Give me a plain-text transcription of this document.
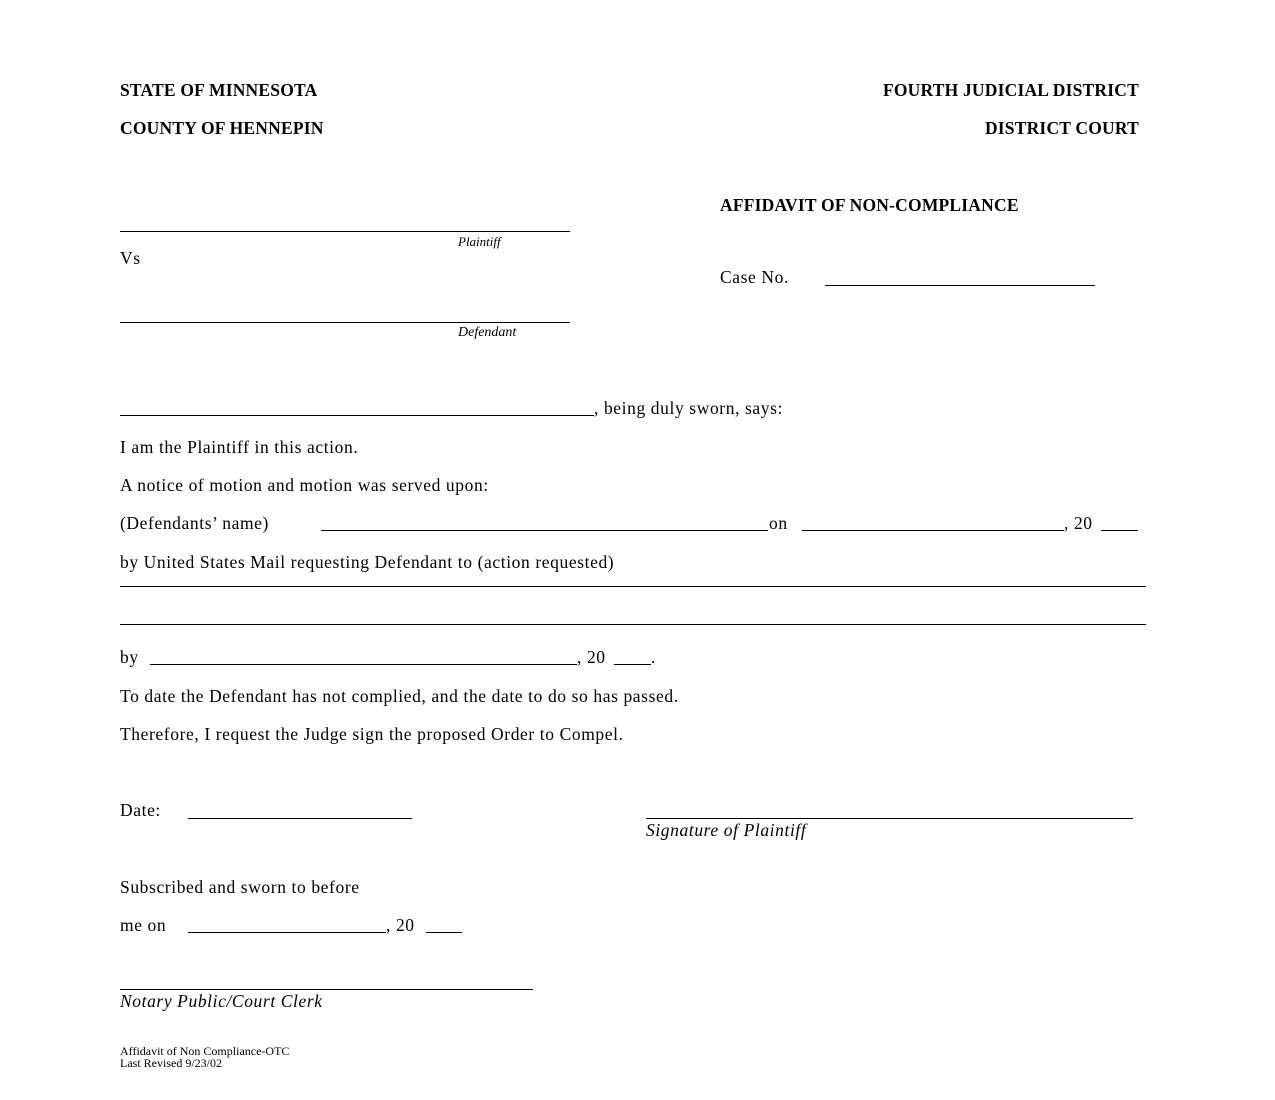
STATE OF MINNESOTA
COUNTY OF HENNEPIN
FOURTH JUDICIAL DISTRICT
DISTRICT COURT
Plaintiff
Vs
Defendant
AFFIDAVIT OF NON-COMPLIANCE
Case No.
, being duly sworn, says:
I am the Plaintiff in this action.
A notice of motion and motion was served upon:
(Defendants’ name)	on	, 20
by United States Mail requesting Defendant to (action requested)
by	, 20	.
To date the Defendant has not complied, and the date to do so has passed.
Therefore, I request the Judge sign the proposed Order to Compel.
Date:
Signature of Plaintiff
Subscribed and sworn to before
me on	, 20
Notary Public/Court Clerk
Affidavit of Non Compliance-OTC
Last Revised 9/23/02
